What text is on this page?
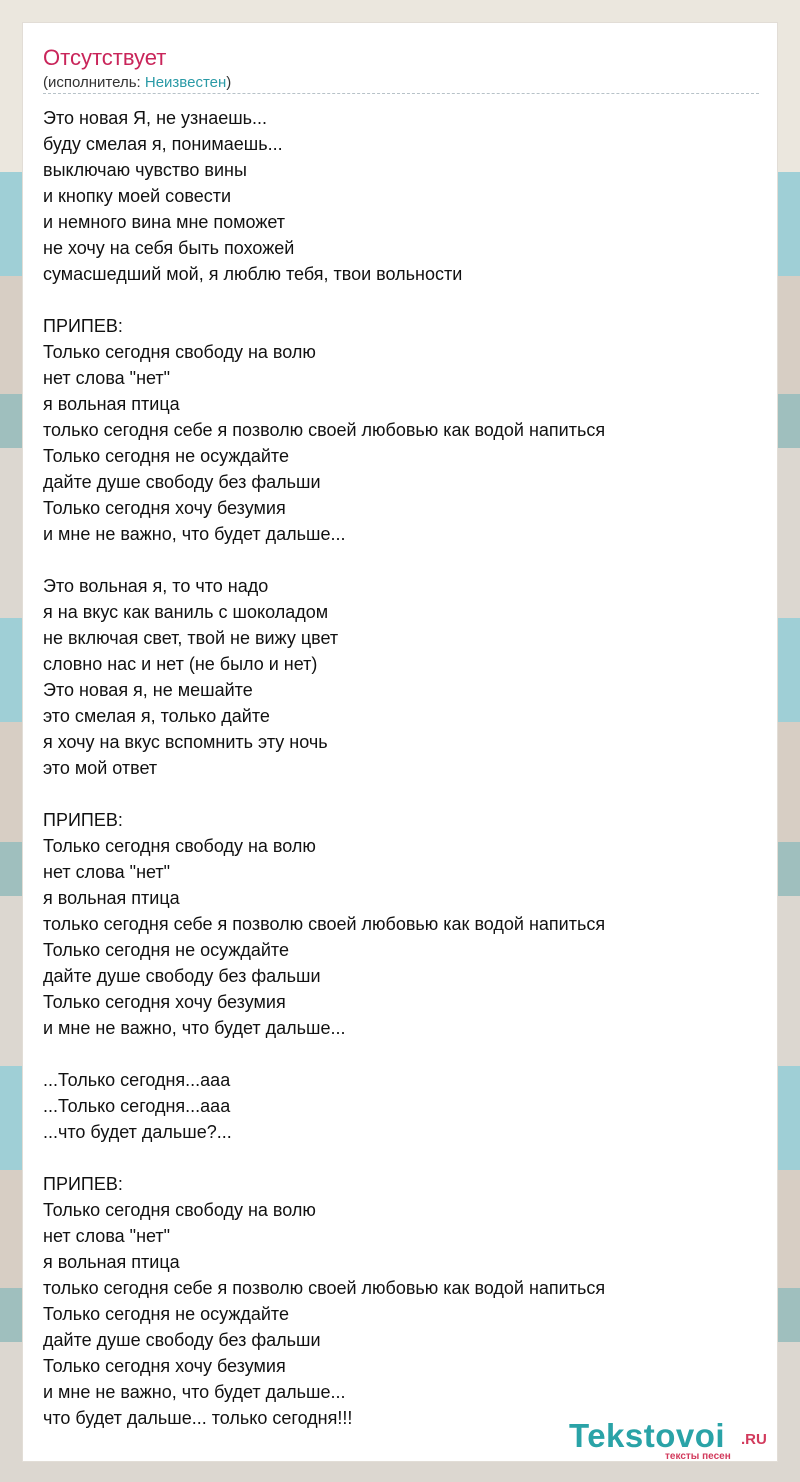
Отсутствует
(исполнитель: Неизвестен)
Это новая Я, не узнаешь...
буду смелая я, понимаешь...
выключаю чувство вины
и кнопку моей совести
и немного вина мне поможет
не хочу на себя быть похожей
сумасшедший мой, я люблю тебя, твои вольности
ПРИПЕВ:
Только сегодня свободу на волю
нет слова "нет"
я вольная птица
только сегодня себе я позволю своей любовью как водой напиться
Только сегодня не осуждайте
дайте душе свободу без фальши
Только сегодня хочу безумия
и мне не важно, что будет дальше...
Это вольная я, то что надо
я на вкус как ваниль с шоколадом
не включая свет, твой не вижу цвет
словно нас и нет (не было и нет)
Это новая я, не мешайте
это смелая я, только дайте
я хочу на вкус вспомнить эту ночь
это мой ответ
ПРИПЕВ:
Только сегодня свободу на волю
нет слова "нет"
я вольная птица
только сегодня себе я позволю своей любовью как водой напиться
Только сегодня не осуждайте
дайте душе свободу без фальши
Только сегодня хочу безумия
и мне не важно, что будет дальше...
...Только сегодня...ааа
...Только сегодня...ааа
...что будет дальше?...
ПРИПЕВ:
Только сегодня свободу на волю
нет слова "нет"
я вольная птица
только сегодня себе я позволю своей любовью как водой напиться
Только сегодня не осуждайте
дайте душе свободу без фальши
Только сегодня хочу безумия
и мне не важно, что будет дальше...
что будет дальше... только сегодня!!!	Tekstovoi .RU
тексты песен
